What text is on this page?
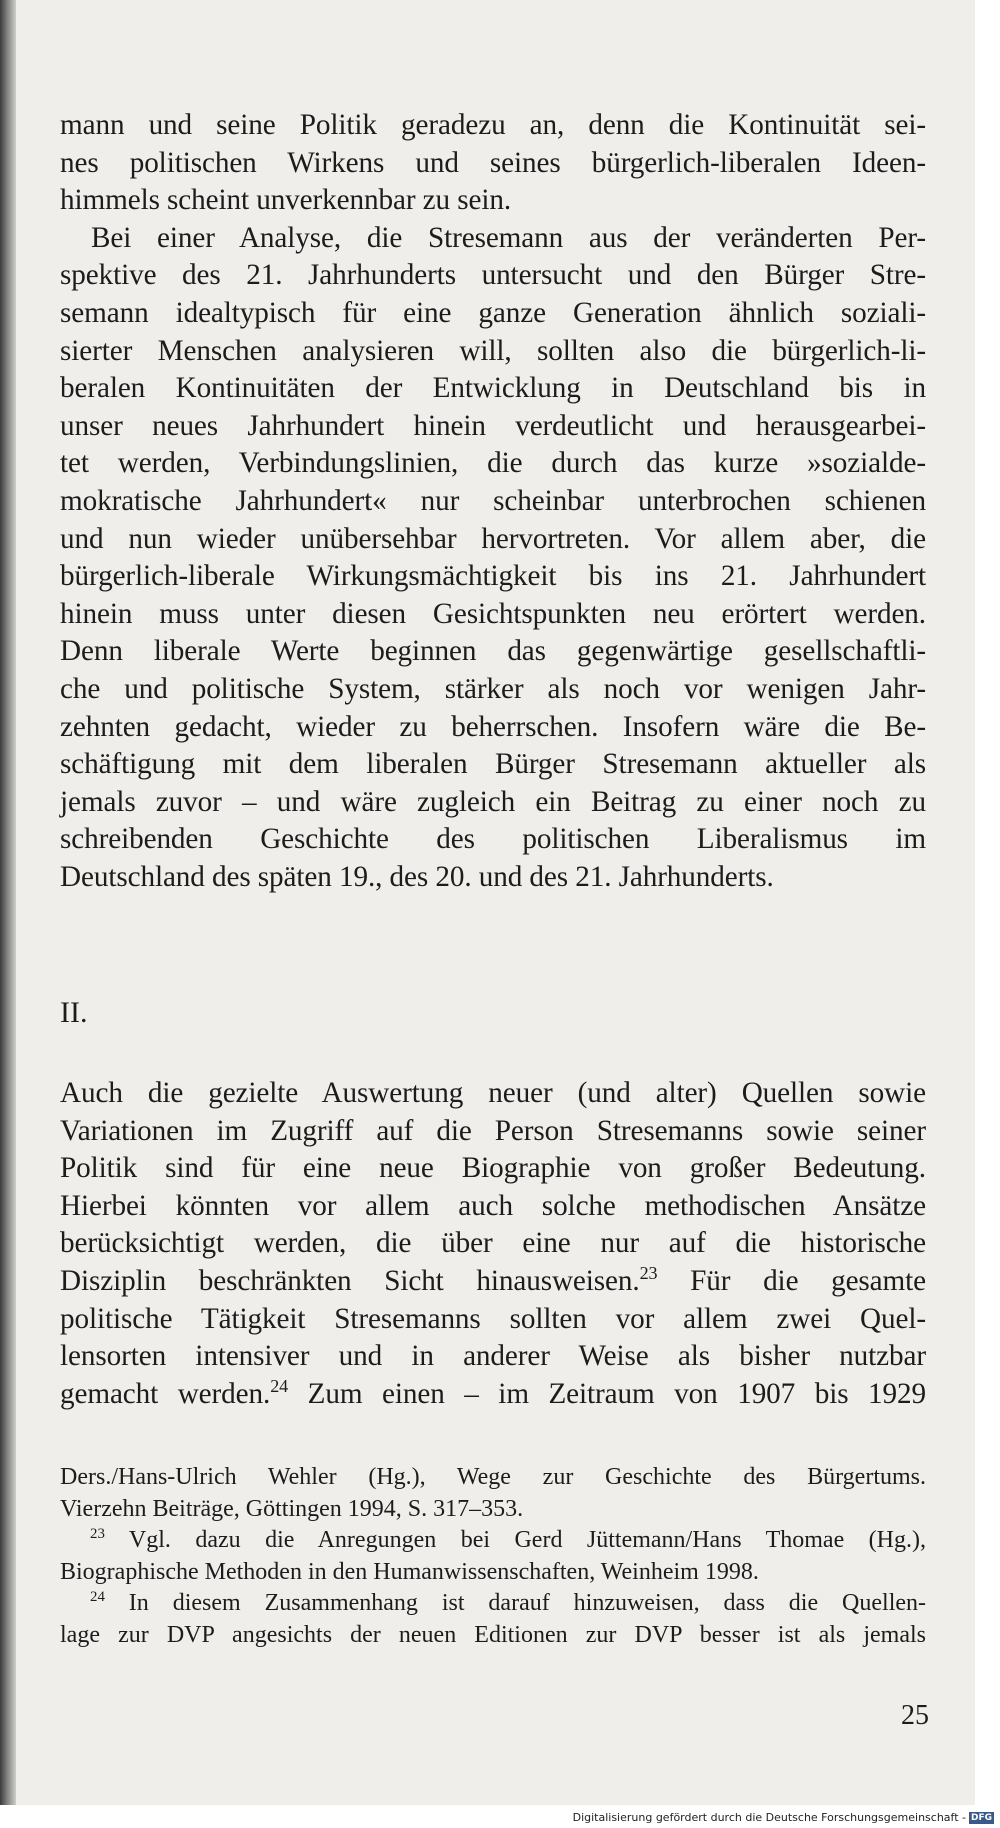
mann und seine Politik geradezu an, denn die Kontinuität sei-
nes politischen Wirkens und seines bürgerlich-liberalen Ideen-
himmels scheint unverkennbar zu sein.
Bei einer Analyse, die Stresemann aus der veränderten Per-
spektive des 21. Jahrhunderts untersucht und den Bürger Stre-
semann idealtypisch für eine ganze Generation ähnlich soziali-
sierter Menschen analysieren will, sollten also die bürgerlich-li-
beralen Kontinuitäten der Entwicklung in Deutschland bis in
unser neues Jahrhundert hinein verdeutlicht und herausgearbei-
tet werden, Verbindungslinien, die durch das kurze »sozialde-
mokratische Jahrhundert« nur scheinbar unterbrochen schienen
und nun wieder unübersehbar hervortreten. Vor allem aber, die
bürgerlich-liberale Wirkungsmächtigkeit bis ins 21. Jahrhundert
hinein muss unter diesen Gesichtspunkten neu erörtert werden.
Denn liberale Werte beginnen das gegenwärtige gesellschaftli-
che und politische System, stärker als noch vor wenigen Jahr-
zehnten gedacht, wieder zu beherrschen. Insofern wäre die Be-
schäftigung mit dem liberalen Bürger Stresemann aktueller als
jemals zuvor – und wäre zugleich ein Beitrag zu einer noch zu
schreibenden Geschichte des politischen Liberalismus im
Deutschland des späten 19., des 20. und des 21. Jahrhunderts.
II.
Auch die gezielte Auswertung neuer (und alter) Quellen sowie
Variationen im Zugriff auf die Person Stresemanns sowie seiner
Politik sind für eine neue Biographie von großer Bedeutung.
Hierbei könnten vor allem auch solche methodischen Ansätze
berücksichtigt werden, die über eine nur auf die historische
Disziplin beschränkten Sicht hinausweisen.$^{23}$ Für die gesamte
politische Tätigkeit Stresemanns sollten vor allem zwei Quel-
lensorten intensiver und in anderer Weise als bisher nutzbar
gemacht werden.$^{24}$ Zum einen – im Zeitraum von 1907 bis 1929
Ders./Hans-Ulrich Wehler (Hg.), Wege zur Geschichte des Bürgertums.
Vierzehn Beiträge, Göttingen 1994, S. 317–353.
$^{23}$ Vgl. dazu die Anregungen bei Gerd Jüttemann/Hans Thomae (Hg.),
Biographische Methoden in den Humanwissenschaften, Weinheim 1998.
$^{24}$ In diesem Zusammenhang ist darauf hinzuweisen, dass die Quellen-
lage zur DVP angesichts der neuen Editionen zur DVP besser ist als jemals
25
Digitalisierung gefördert durch die Deutsche Forschungsgemeinschaft - DFG
